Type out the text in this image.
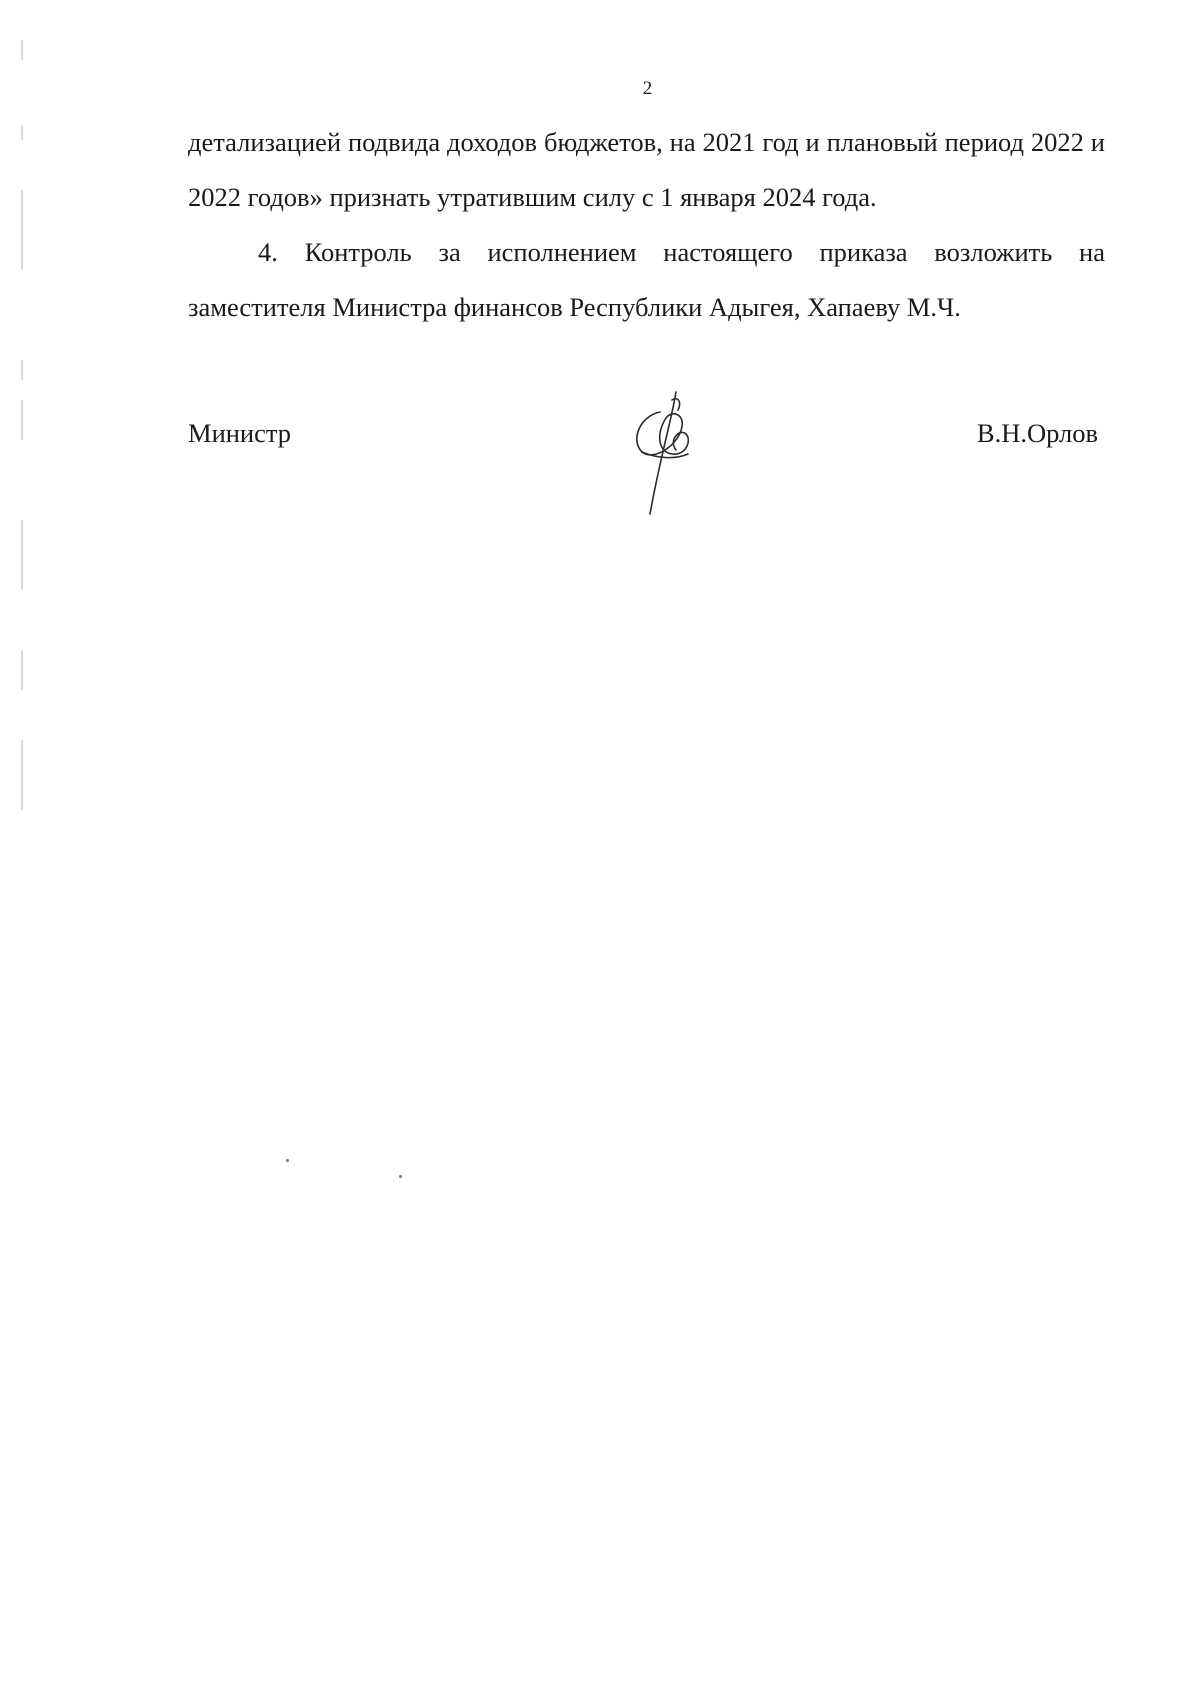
2

детализацией подвида доходов бюджетов, на 2021 год и плановый период 2022 и 2022 годов» признать утратившим силу с 1 января 2024 года.

4. Контроль за исполнением настоящего приказа возложить на заместителя Министра финансов Республики Адыгея, Хапаеву М.Ч.

Министр	В.Н.Орлов
